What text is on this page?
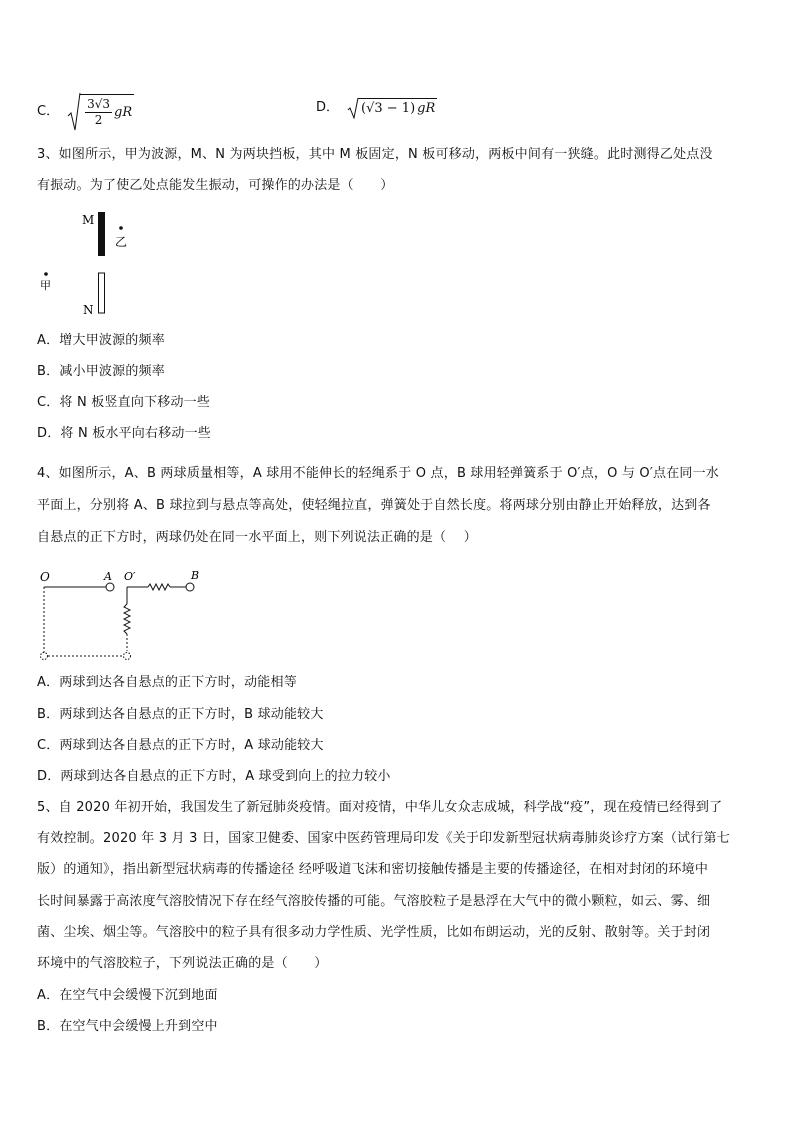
C． $\frac{3√3}{2}$ gR	D． (√3 − 1) gR
3、如图所示，甲为波源，M、N 为两块挡板，其中 M 板固定，N 板可移动，两板中间有一狭缝。此时测得乙处点没
有振动。为了使乙处点能发生振动，可操作的办法是（　　）
M
乙
甲
N
A．增大甲波源的频率
B．减小甲波源的频率
C．将 N 板竖直向下移动一些
D．将 N 板水平向右移动一些
4、如图所示，A、B 两球质量相等，A 球用不能伸长的轻绳系于 O 点，B 球用轻弹簧系于 O′点，O 与 O′点在同一水
平面上，分别将 A、B 球拉到与悬点等高处，使轻绳拉直，弹簧处于自然长度。将两球分别由静止开始释放，达到各
自悬点的正下方时，两球仍处在同一水平面上，则下列说法正确的是（　 ）
O	A O′	B
A．两球到达各自悬点的正下方时，动能相等
B．两球到达各自悬点的正下方时，B 球动能较大
C．两球到达各自悬点的正下方时，A 球动能较大
D．两球到达各自悬点的正下方时，A 球受到向上的拉力较小
5、自 2020 年初开始，我国发生了新冠肺炎疫情。面对疫情，中华儿女众志成城，科学战“疫”，现在疫情已经得到了
有效控制。2020 年 3 月 3 日，国家卫健委、国家中医药管理局印发《关于印发新型冠状病毒肺炎诊疗方案（试行第七
版）的通知》，指出新型冠状病毒的传播途径 经呼吸道飞沫和密切接触传播是主要的传播途径，在相对封闭的环境中
长时间暴露于高浓度气溶胶情况下存在经气溶胶传播的可能。气溶胶粒子是悬浮在大气中的微小颗粒，如云、雾、细
菌、尘埃、烟尘等。气溶胶中的粒子具有很多动力学性质、光学性质，比如布朗运动，光的反射、散射等。关于封闭
环境中的气溶胶粒子，下列说法正确的是（　　）
A．在空气中会缓慢下沉到地面
B．在空气中会缓慢上升到空中
